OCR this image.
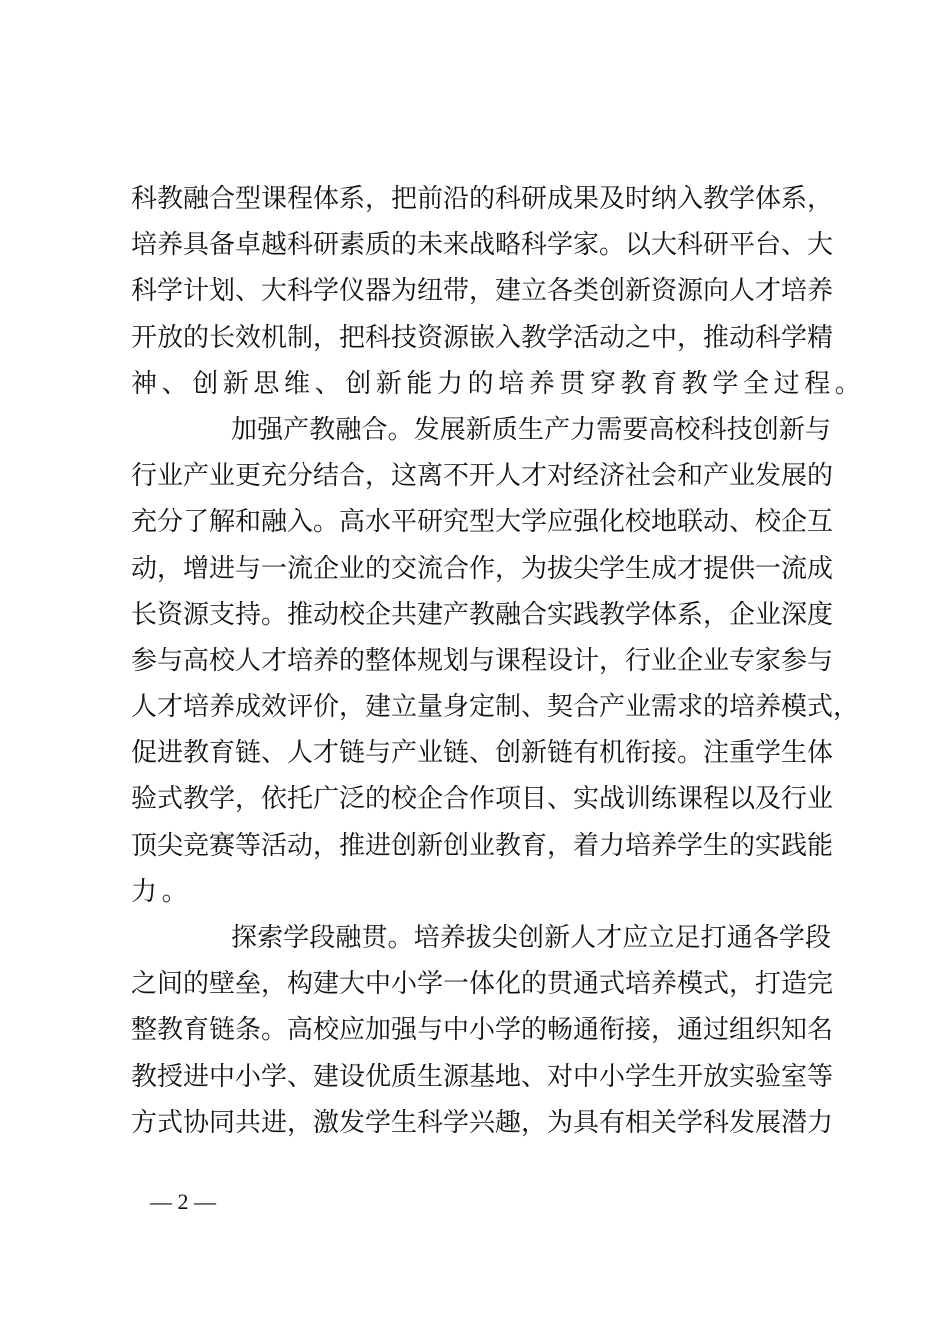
科教融合型课程体系，把前沿的科研成果及时纳入教学体系，
培养具备卓越科研素质的未来战略科学家。以大科研平台、大
科学计划、大科学仪器为纽带，建立各类创新资源向人才培养
开放的长效机制，把科技资源嵌入教学活动之中，推动科学精
神、创新思维、创新能力的培养贯穿教育教学全过程。
加强产教融合。发展新质生产力需要高校科技创新与
行业产业更充分结合，这离不开人才对经济社会和产业发展的
充分了解和融入。高水平研究型大学应强化校地联动、校企互
动，增进与一流企业的交流合作，为拔尖学生成才提供一流成
长资源支持。推动校企共建产教融合实践教学体系，企业深度
参与高校人才培养的整体规划与课程设计，行业企业专家参与
人才培养成效评价，建立量身定制、契合产业需求的培养模式，
促进教育链、人才链与产业链、创新链有机衔接。注重学生体
验式教学，依托广泛的校企合作项目、实战训练课程以及行业
顶尖竞赛等活动，推进创新创业教育，着力培养学生的实践能
力。
探索学段融贯。培养拔尖创新人才应立足打通各学段
之间的壁垒，构建大中小学一体化的贯通式培养模式，打造完
整教育链条。高校应加强与中小学的畅通衔接，通过组织知名
教授进中小学、建设优质生源基地、对中小学生开放实验室等
方式协同共进，激发学生科学兴趣，为具有相关学科发展潜力
— 2 —
